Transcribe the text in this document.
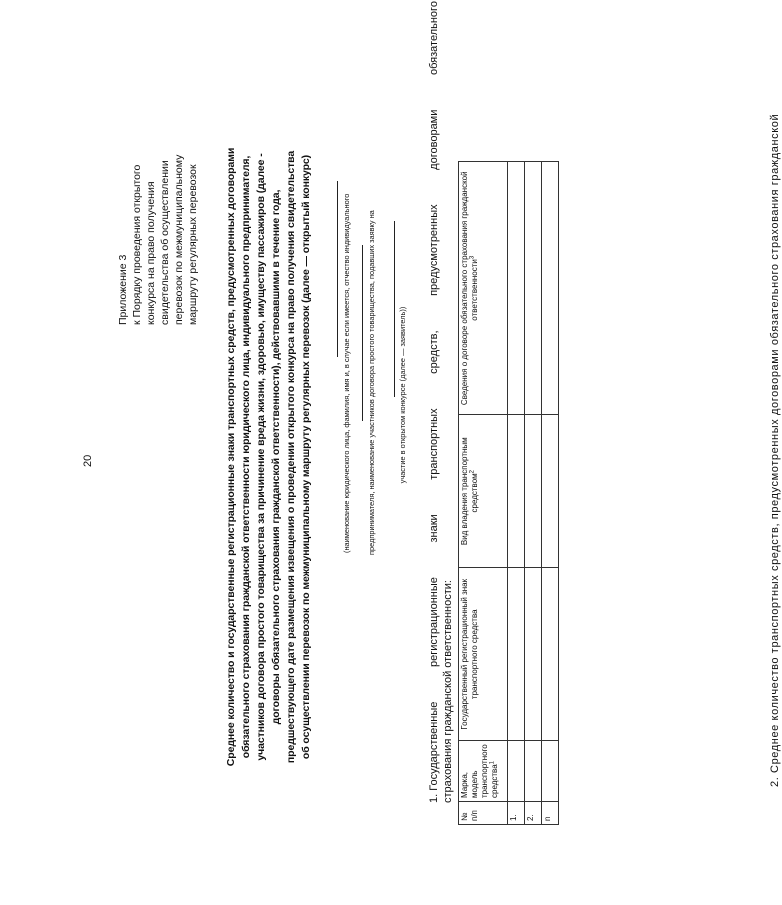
20
Приложение 3 к Порядку проведения открытого конкурса на право получения свидетельства об осуществлении перевозок по межмуниципальному маршруту регулярных перевозок Среднее количество и государственные регистрационные знаки транспортных средств, предусмотренных договорами обязательного страхования гражданской ответственности юридического лица, индивидуального предпринимателя, участников договора простого товарищества за причинение вреда жизни, здоровью, имуществу пассажиров (далее - договоры обязательного страхования гражданской ответственности), действовавшими в течение года, предшествующего дате размещения извещения о проведении открытого конкурса на право получения свидетельства об осуществлении перевозок по межмуниципальному маршруту регулярных перевозок (далее — открытый конкурс)	(наименование юридического лица, фамилия, имя и, в случае если имеется, отчество индивидуального предпринимателя, наименование участников договора простого товарищества, подавших заявку на	участие в открытом конкурсе (далее — заявитель))
1. Государственные
регистрационные
знаки
транспортных
средств,
предусмотренных
договорами
обязательного
страхования гражданской ответственности:
№ п/п	Марка, модель транспортного средства$^1$	Государственный регистрационный знак транспортного средства	Вид владения транспортным средством$^2$	Сведения о договоре обязательного страхования гражданской ответственности$^3$
1.				
2.				
n				
2. Среднее количество транспортных средств, предусмотренных договорами обязательного страхования гражданской
